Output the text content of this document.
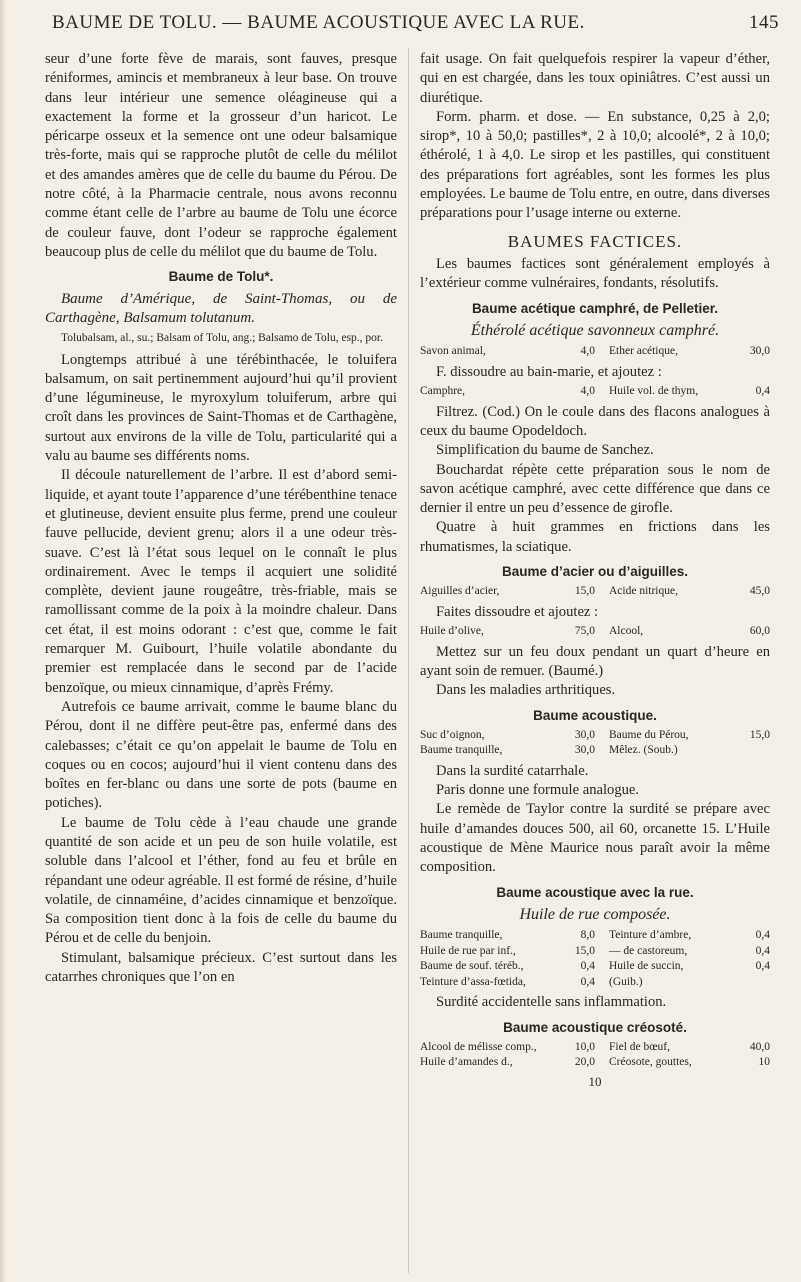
BAUME DE TOLU. — BAUME ACOUSTIQUE AVEC LA RUE.	145

seur d’une forte fève de marais, sont fauves, presque réniformes, amincis et membraneux à leur base. On trouve dans leur intérieur une semence oléagineuse qui a exactement la forme et la grosseur d’un haricot. Le péricarpe osseux et la semence ont une odeur balsamique très-forte, mais qui se rapproche plutôt de celle du mélilot et des amandes amères que de celle du baume du Pérou. De notre côté, à la Pharmacie centrale, nous avons reconnu comme étant celle de l’arbre au baume de Tolu une écorce de couleur fauve, dont l’odeur se rapproche également beaucoup plus de celle du mélilot que du baume de Tolu.

Baume de Tolu*.

Baume d’Amérique, de Saint-Thomas, ou de Carthagène, Balsamum tolutanum.

Tolubalsam, al., su.; Balsam of Tolu, ang.; Balsamo de Tolu, esp., por.

Longtemps attribué à une térébinthacée, le toluifera balsamum, on sait pertinemment aujourd’hui qu’il provient d’une légumineuse, le myroxylum toluiferum, arbre qui croît dans les provinces de Saint-Thomas et de Carthagène, surtout aux environs de la ville de Tolu, particularité qui a valu au baume ses différents noms.

Il découle naturellement de l’arbre. Il est d’abord semi-liquide, et ayant toute l’apparence d’une térébenthine tenace et glutineuse, devient ensuite plus ferme, prend une couleur fauve pellucide, devient grenu; alors il a une odeur très-suave. C’est là l’état sous lequel on le connaît le plus ordinairement. Avec le temps il acquiert une solidité complète, devient jaune rougeâtre, très-friable, mais se ramollissant comme de la poix à la moindre chaleur. Dans cet état, il est moins odorant : c’est que, comme le fait remarquer M. Guibourt, l’huile volatile abondante du premier est remplacée dans le second par de l’acide benzoïque, ou mieux cinnamique, d’après Frémy.

Autrefois ce baume arrivait, comme le baume blanc du Pérou, dont il ne diffère peut-être pas, enfermé dans des calebasses; c’était ce qu’on appelait le baume de Tolu en coques ou en cocos; aujourd’hui il vient contenu dans des boîtes en fer-blanc ou dans une sorte de pots (baume en potiches).

Le baume de Tolu cède à l’eau chaude une grande quantité de son acide et un peu de son huile volatile, est soluble dans l’alcool et l’éther, fond au feu et brûle en répandant une odeur agréable. Il est formé de résine, d’huile volatile, de cinnaméine, d’acides cinnamique et benzoïque. Sa composition tient donc à la fois de celle du baume du Pérou et de celle du benjoin.

Stimulant, balsamique précieux. C’est surtout dans les catarrhes chroniques que l’on en

fait usage. On fait quelquefois respirer la vapeur d’éther, qui en est chargée, dans les toux opiniâtres. C’est aussi un diurétique.

Form. pharm. et dose. — En substance, 0,25 à 2,0; sirop*, 10 à 50,0; pastilles*, 2 à 10,0; alcoolé*, 2 à 10,0; éthérolé, 1 à 4,0. Le sirop et les pastilles, qui constituent des préparations fort agréables, sont les formes les plus employées. Le baume de Tolu entre, en outre, dans diverses préparations pour l’usage interne ou externe.

BAUMES FACTICES.

Les baumes factices sont généralement employés à l’extérieur comme vulnéraires, fondants, résolutifs.

Baume acétique camphré, de Pelletier.

Éthérolé acétique savonneux camphré.

Savon animal,	4,0	Ether acétique,	30,0

F. dissoudre au bain-marie, et ajoutez :

Camphre,	4,0	Huile vol. de thym,	0,4

Filtrez. (Cod.) On le coule dans des flacons analogues à ceux du baume Opodeldoch.

Simplification du baume de Sanchez.

Bouchardat répète cette préparation sous le nom de savon acétique camphré, avec cette différence que dans ce dernier il entre un peu d’essence de girofle.

Quatre à huit grammes en frictions dans les rhumatismes, la sciatique.

Baume d’acier ou d’aiguilles.
Aiguilles d’acier,	15,0	Acide nitrique,	45,0

Faites dissoudre et ajoutez :

Huile d’olive,	75,0	Alcool,	60,0

Mettez sur un feu doux pendant un quart d’heure en ayant soin de remuer. (Baumé.)

Dans les maladies arthritiques.

Baume acoustique.
Suc d’oignon,	30,0	Baume du Pérou,	15,0
Baume tranquille,	30,0	Mêlez. (Soub.)

Dans la surdité catarrhale.

Paris donne une formule analogue.

Le remède de Taylor contre la surdité se prépare avec huile d’amandes douces 500, ail 60, orcanette 15. L’Huile acoustique de Mène Maurice nous paraît avoir la même composition.

Baume acoustique avec la rue.

Huile de rue composée.

Baume tranquille,	8,0	Teinture d’ambre,	0,4
Huile de rue par inf.,	15,0	— de castoreum,	0,4
Baume de souf. téréb.,	0,4	Huile de succin,	0,4
Teinture d’assa-fœtida,	0,4	(Guib.)

Surdité accidentelle sans inflammation.

Baume acoustique créosoté.
Alcool de mélisse comp.,	10,0	Fiel de bœuf,	40,0
Huile d’amandes d.,	20,0	Créosote, gouttes,	10
10
